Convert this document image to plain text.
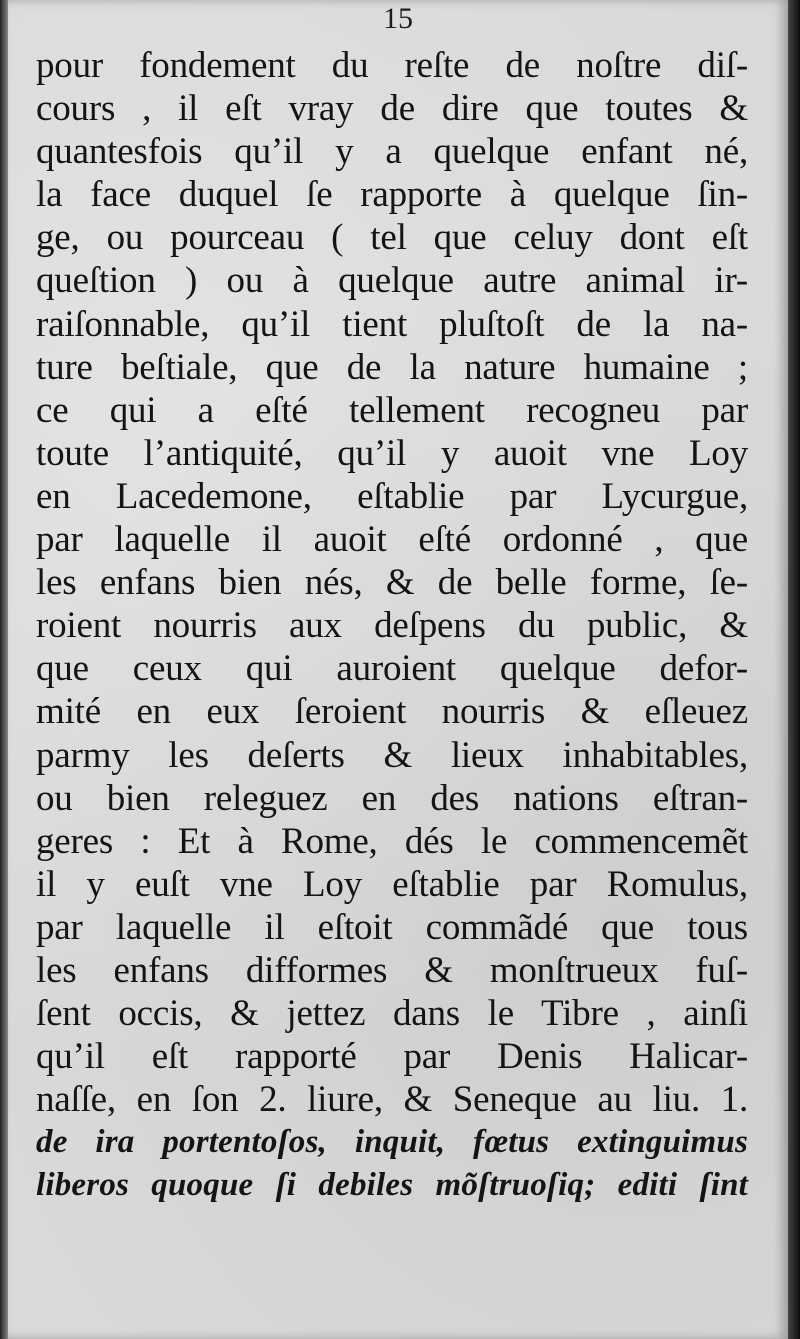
15
pour fondement du reſte de noſtre diſ-
cours , il eſt vray de dire que toutes &
quantesfois qu’il y a quelque enfant né,
la face duquel ſe rapporte à quelque ſin-
ge, ou pourceau ( tel que celuy dont eſt
queſtion ) ou à quelque autre animal ir-
raiſonnable, qu’il tient pluſtoſt de la na-
ture beſtiale, que de la nature humaine ;
ce qui a eſté tellement recogneu par
toute l’antiquité, qu’il y auoit vne Loy
en Lacedemone, eſtablie par Lycurgue,
par laquelle il auoit eſté ordonné , que
les enfans bien nés, & de belle forme, ſe-
roient nourris aux deſpens du public, &
que ceux qui auroient quelque defor-
mité en eux ſeroient nourris & eſleuez
parmy les deſerts & lieux inhabitables,
ou bien releguez en des nations eſtran-
geres : Et à Rome, dés le commencemẽt
il y euſt vne Loy eſtablie par Romulus,
par laquelle il eſtoit commãdé que tous
les enfans difformes & monſtrueux fuſ-
ſent occis, & jettez dans le Tibre , ainſi
qu’il eſt rapporté par Denis Halicar-
naſſe, en ſon 2. liure, & Seneque au liu. 1.
de ira portentoſos, inquit, fœtus extinguimus
liberos quoque ſi debiles mõſtruoſiq; editi ſint
